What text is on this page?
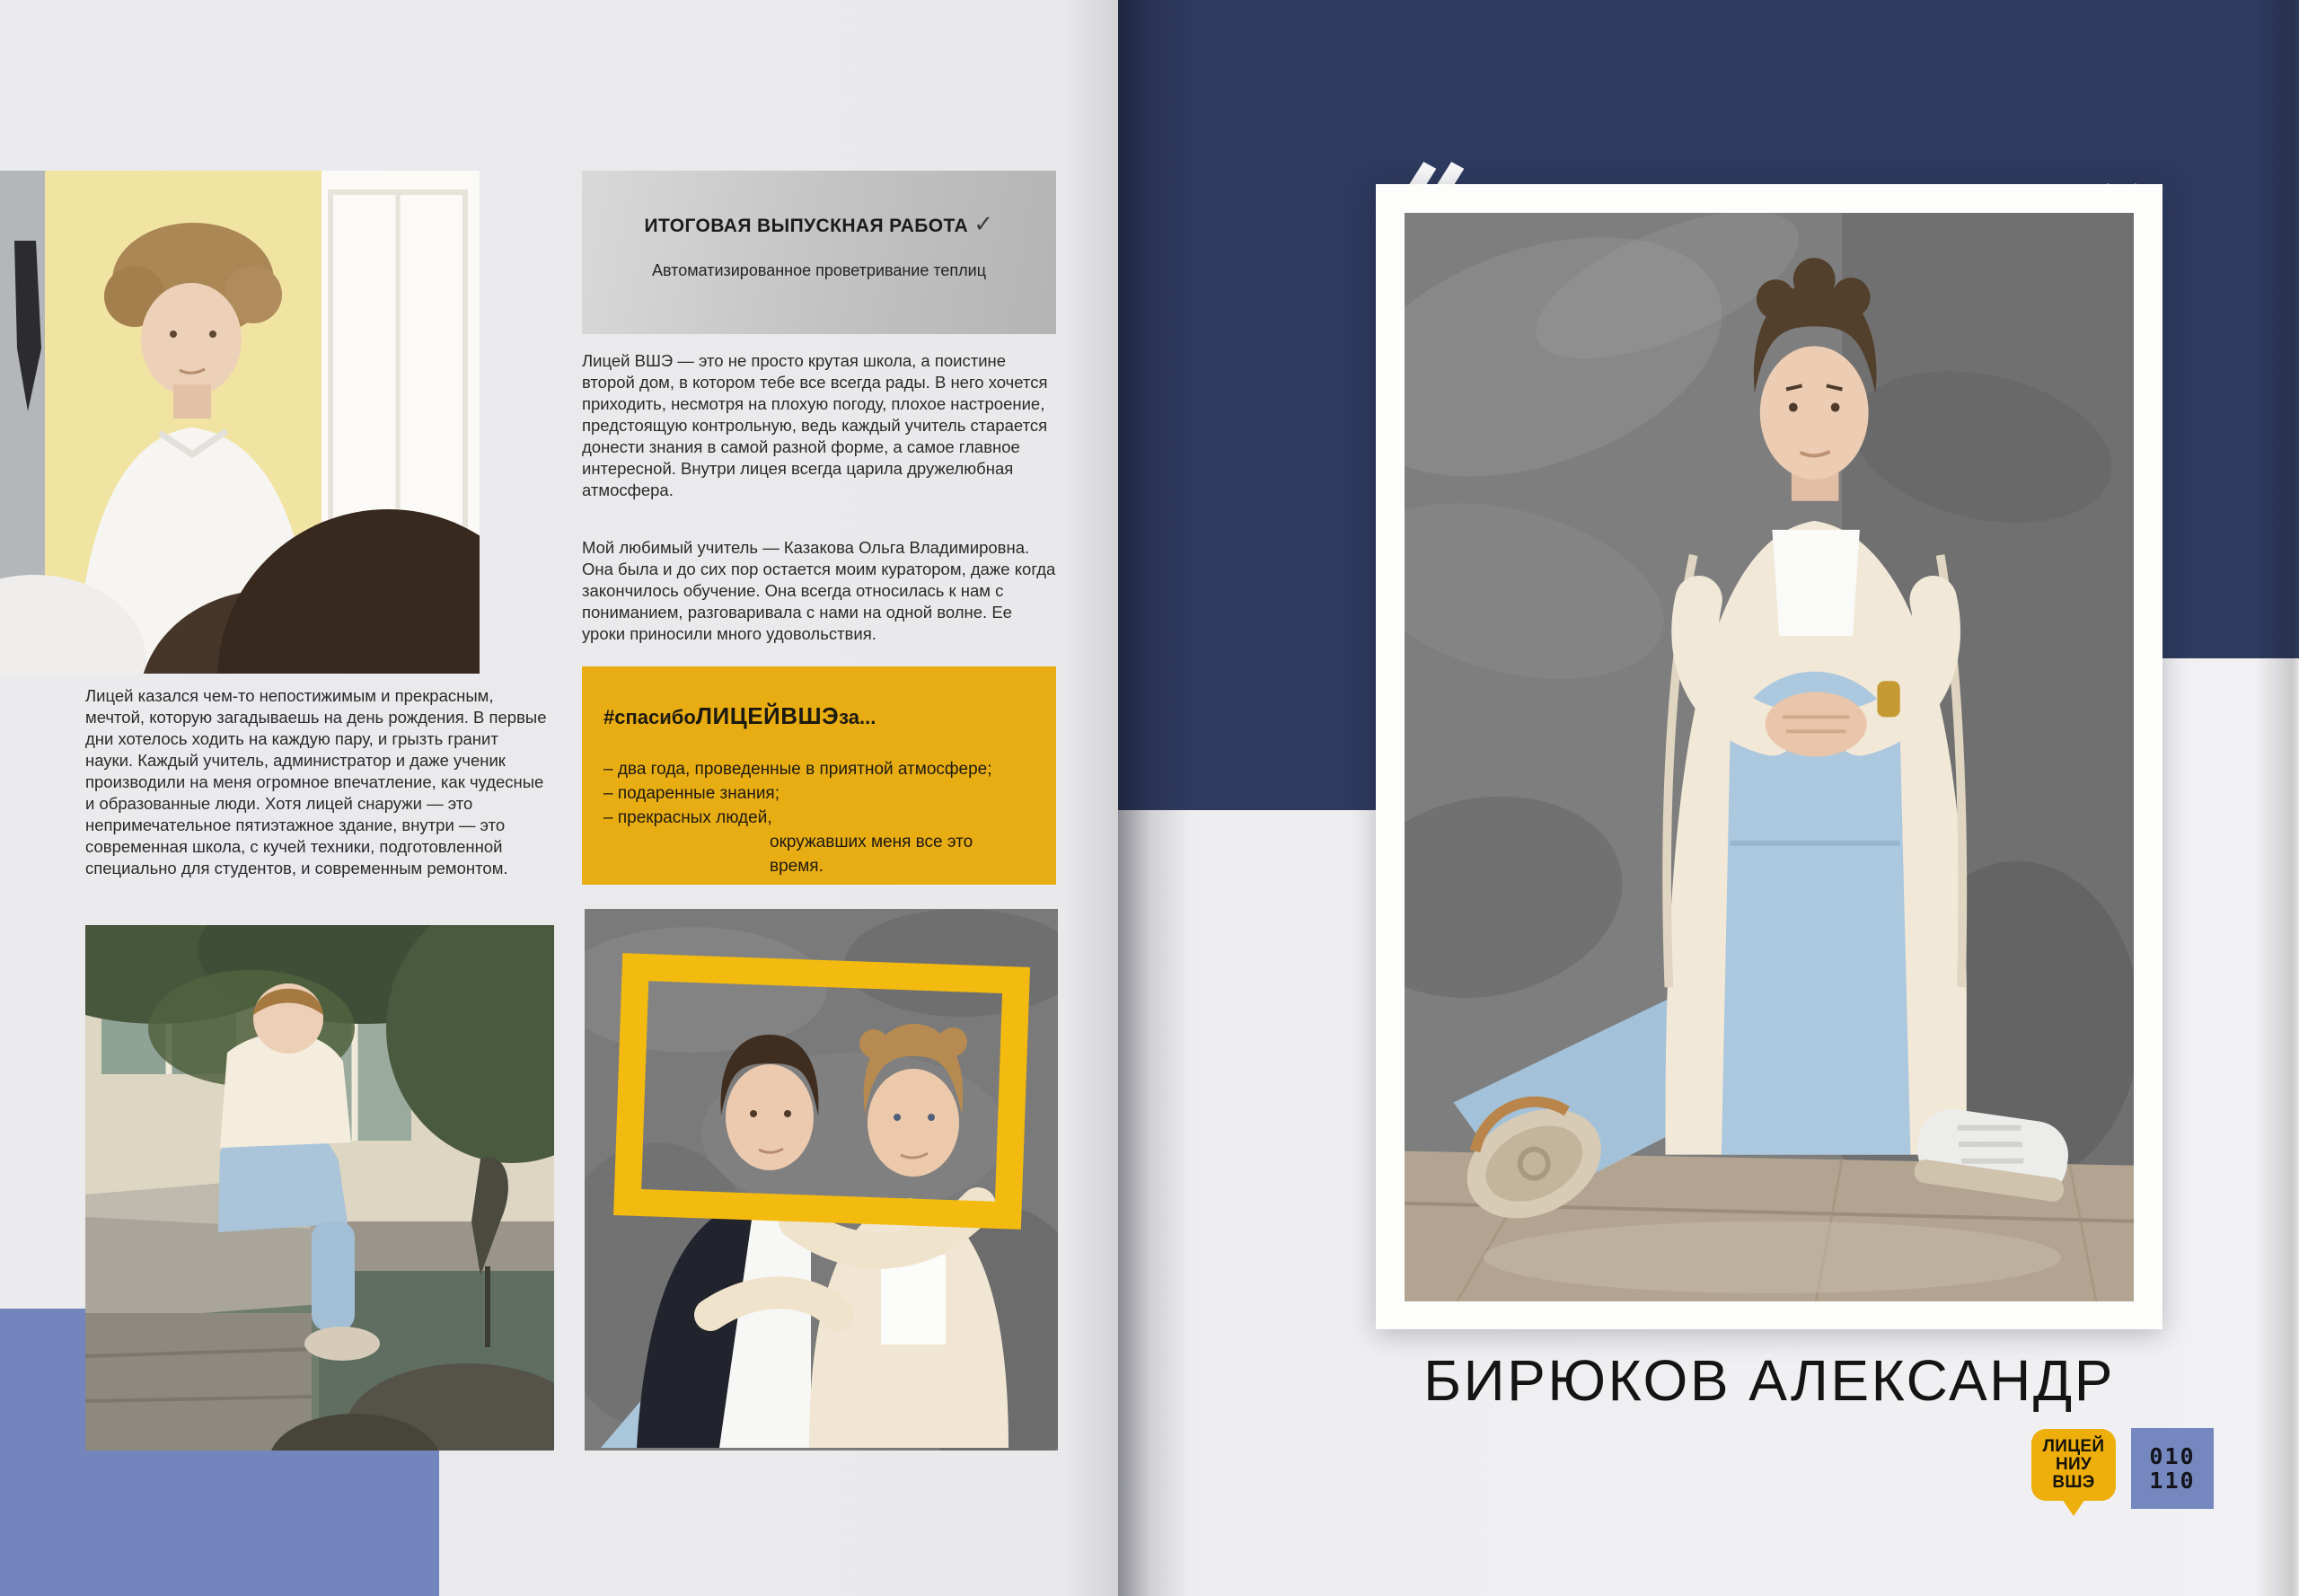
Лицей казался чем-то непостижимым и прекрасным, мечтой, которую загадываешь на день рождения. В первые дни хотелось ходить на каждую пару, и грызть гранит науки. Каждый учитель, администратор и даже ученик производили на меня огромное впечатление, как чудесные и образованные люди. Хотя лицей снаружи — это непримечательное пятиэтажное здание, внутри — это современная школа, с кучей техники, подготовленной специально для студентов, и современным ремонтом.
ИТОГОВАЯ ВЫПУСКНАЯ РАБОТА ✓
Автоматизированное проветривание теплиц
Лицей ВШЭ — это не просто крутая школа, а поистине второй дом, в котором тебе все всегда рады. В него хочется приходить, несмотря на плохую погоду, плохое настроение, предстоящую контрольную, ведь каждый учитель старается донести знания в самой разной форме, а самое главное интересной. Внутри лицея всегда царила дружелюбная атмосфера.
Мой любимый учитель — Казакова Ольга Владимировна. Она была и до сих пор остается моим куратором, даже когда закончилось обучение. Она всегда относилась к нам с пониманием, разговаривала с нами на одной волне. Ее уроки приносили много удовольствия.
#спасибоЛИЦЕЙВШЭза...
– два года, проведенные в приятной атмосфере;
– подаренные знания;
– прекрасных людей,

окружавших меня все это время.

БИРЮКОВ АЛЕКСАНДР
ЛИЦЕЙ
НИУ
ВШЭ
010
110
